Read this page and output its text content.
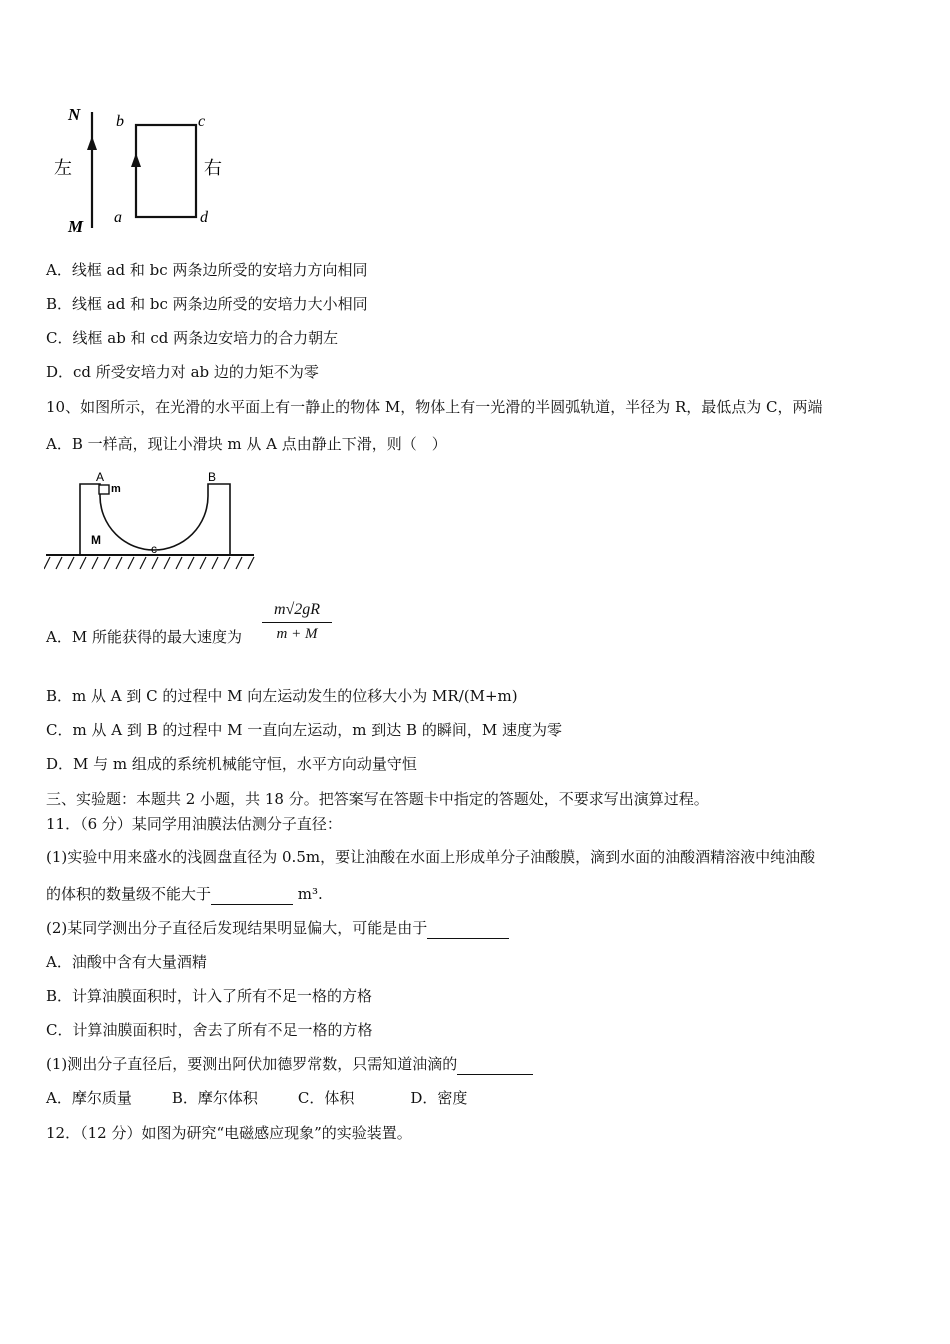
N
M
左	右
b	c
a	d
A．线框 ad 和 bc 两条边所受的安培力方向相同
B．线框 ad 和 bc 两条边所受的安培力大小相同
C．线框 ab 和 cd 两条边安培力的合力朝左
D．cd 所受安培力对 ab 边的力矩不为零
10、如图所示，在光滑的水平面上有一静止的物体 M，物体上有一光滑的半圆弧轨道，半径为 R，最低点为 C，两端
A．B 一样高，现让小滑块 m 从 A 点由静止下滑，则（　）
A	B
m
M
c
A．M 所能获得的最大速度为 $\frac{m√2gR}{m + M}$
B．m 从 A 到 C 的过程中 M 向左运动发生的位移大小为 MR/(M+m)
C．m 从 A 到 B 的过程中 M 一直向左运动，m 到达 B 的瞬间，M 速度为零
D．M 与 m 组成的系统机械能守恒，水平方向动量守恒
三、实验题：本题共 2 小题，共 18 分。把答案写在答题卡中指定的答题处，不要求写出演算过程。
11．（6 分）某同学用油膜法估测分子直径：
(1)实验中用来盛水的浅圆盘直径为 0.5m，要让油酸在水面上形成单分子油酸膜，滴到水面的油酸酒精溶液中纯油酸
的体积的数量级不能大于	m³.
(2)某同学测出分子直径后发现结果明显偏大，可能是由于
A．油酸中含有大量酒精
B．计算油膜面积时，计入了所有不足一格的方格
C．计算油膜面积时，舍去了所有不足一格的方格
(1)测出分子直径后，要测出阿伏加德罗常数，只需知道油滴的
A．摩尔质量	B．摩尔体积	C．体积	D．密度
12．（12 分）如图为研究“电磁感应现象”的实验装置。
